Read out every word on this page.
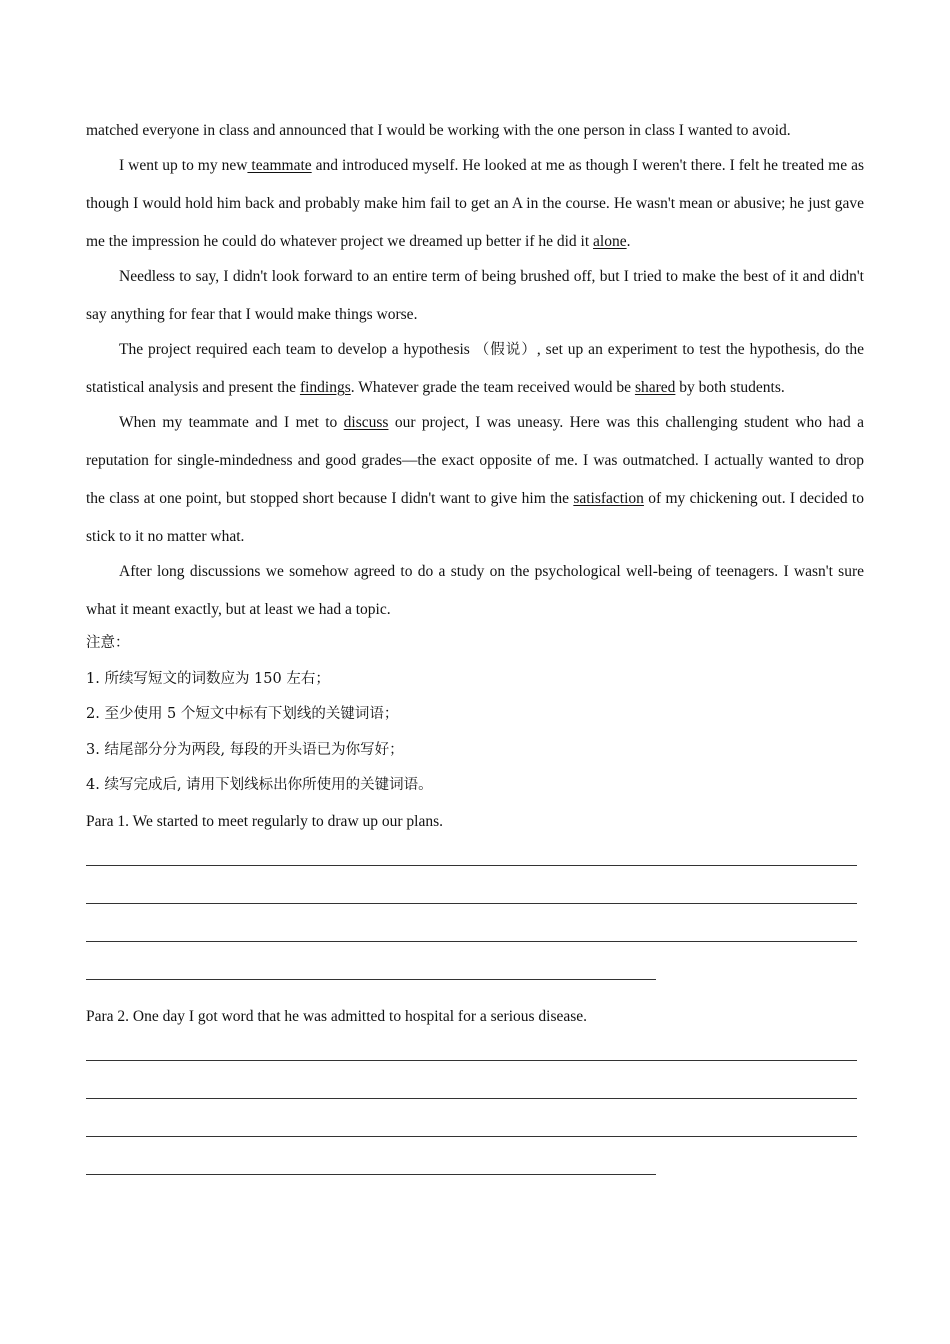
matched everyone in class and announced that I would be working with the one person in class I wanted to avoid.

I went up to my new teammate and introduced myself. He looked at me as though I weren't there. I felt he treated me as though I would hold him back and probably make him fail to get an A in the course. He wasn't mean or abusive; he just gave me the impression he could do whatever project we dreamed up better if he did it alone.

Needless to say, I didn't look forward to an entire term of being brushed off, but I tried to make the best of it and didn't say anything for fear that I would make things worse.

The project required each team to develop a hypothesis （假说）, set up an experiment to test the hypothesis, do the statistical analysis and present the findings. Whatever grade the team received would be shared by both students.

When my teammate and I met to discuss our project, I was uneasy. Here was this challenging student who had a reputation for single-mindedness and good grades—the exact opposite of me. I was outmatched. I actually wanted to drop the class at one point, but stopped short because I didn't want to give him the satisfaction of my chickening out. I decided to stick to it no matter what.

After long discussions we somehow agreed to do a study on the psychological well-being of teenagers. I wasn't sure what it meant exactly, but at least we had a topic.

注意：

1. 所续写短文的词数应为 150 左右；

2. 至少使用 5 个短文中标有下划线的关键词语；

3. 结尾部分分为两段, 每段的开头语已为你写好；

4. 续写完成后, 请用下划线标出你所使用的关键词语。

Para 1. We started to meet regularly to draw up our plans.

Para 2. One day I got word that he was admitted to hospital for a serious disease.
